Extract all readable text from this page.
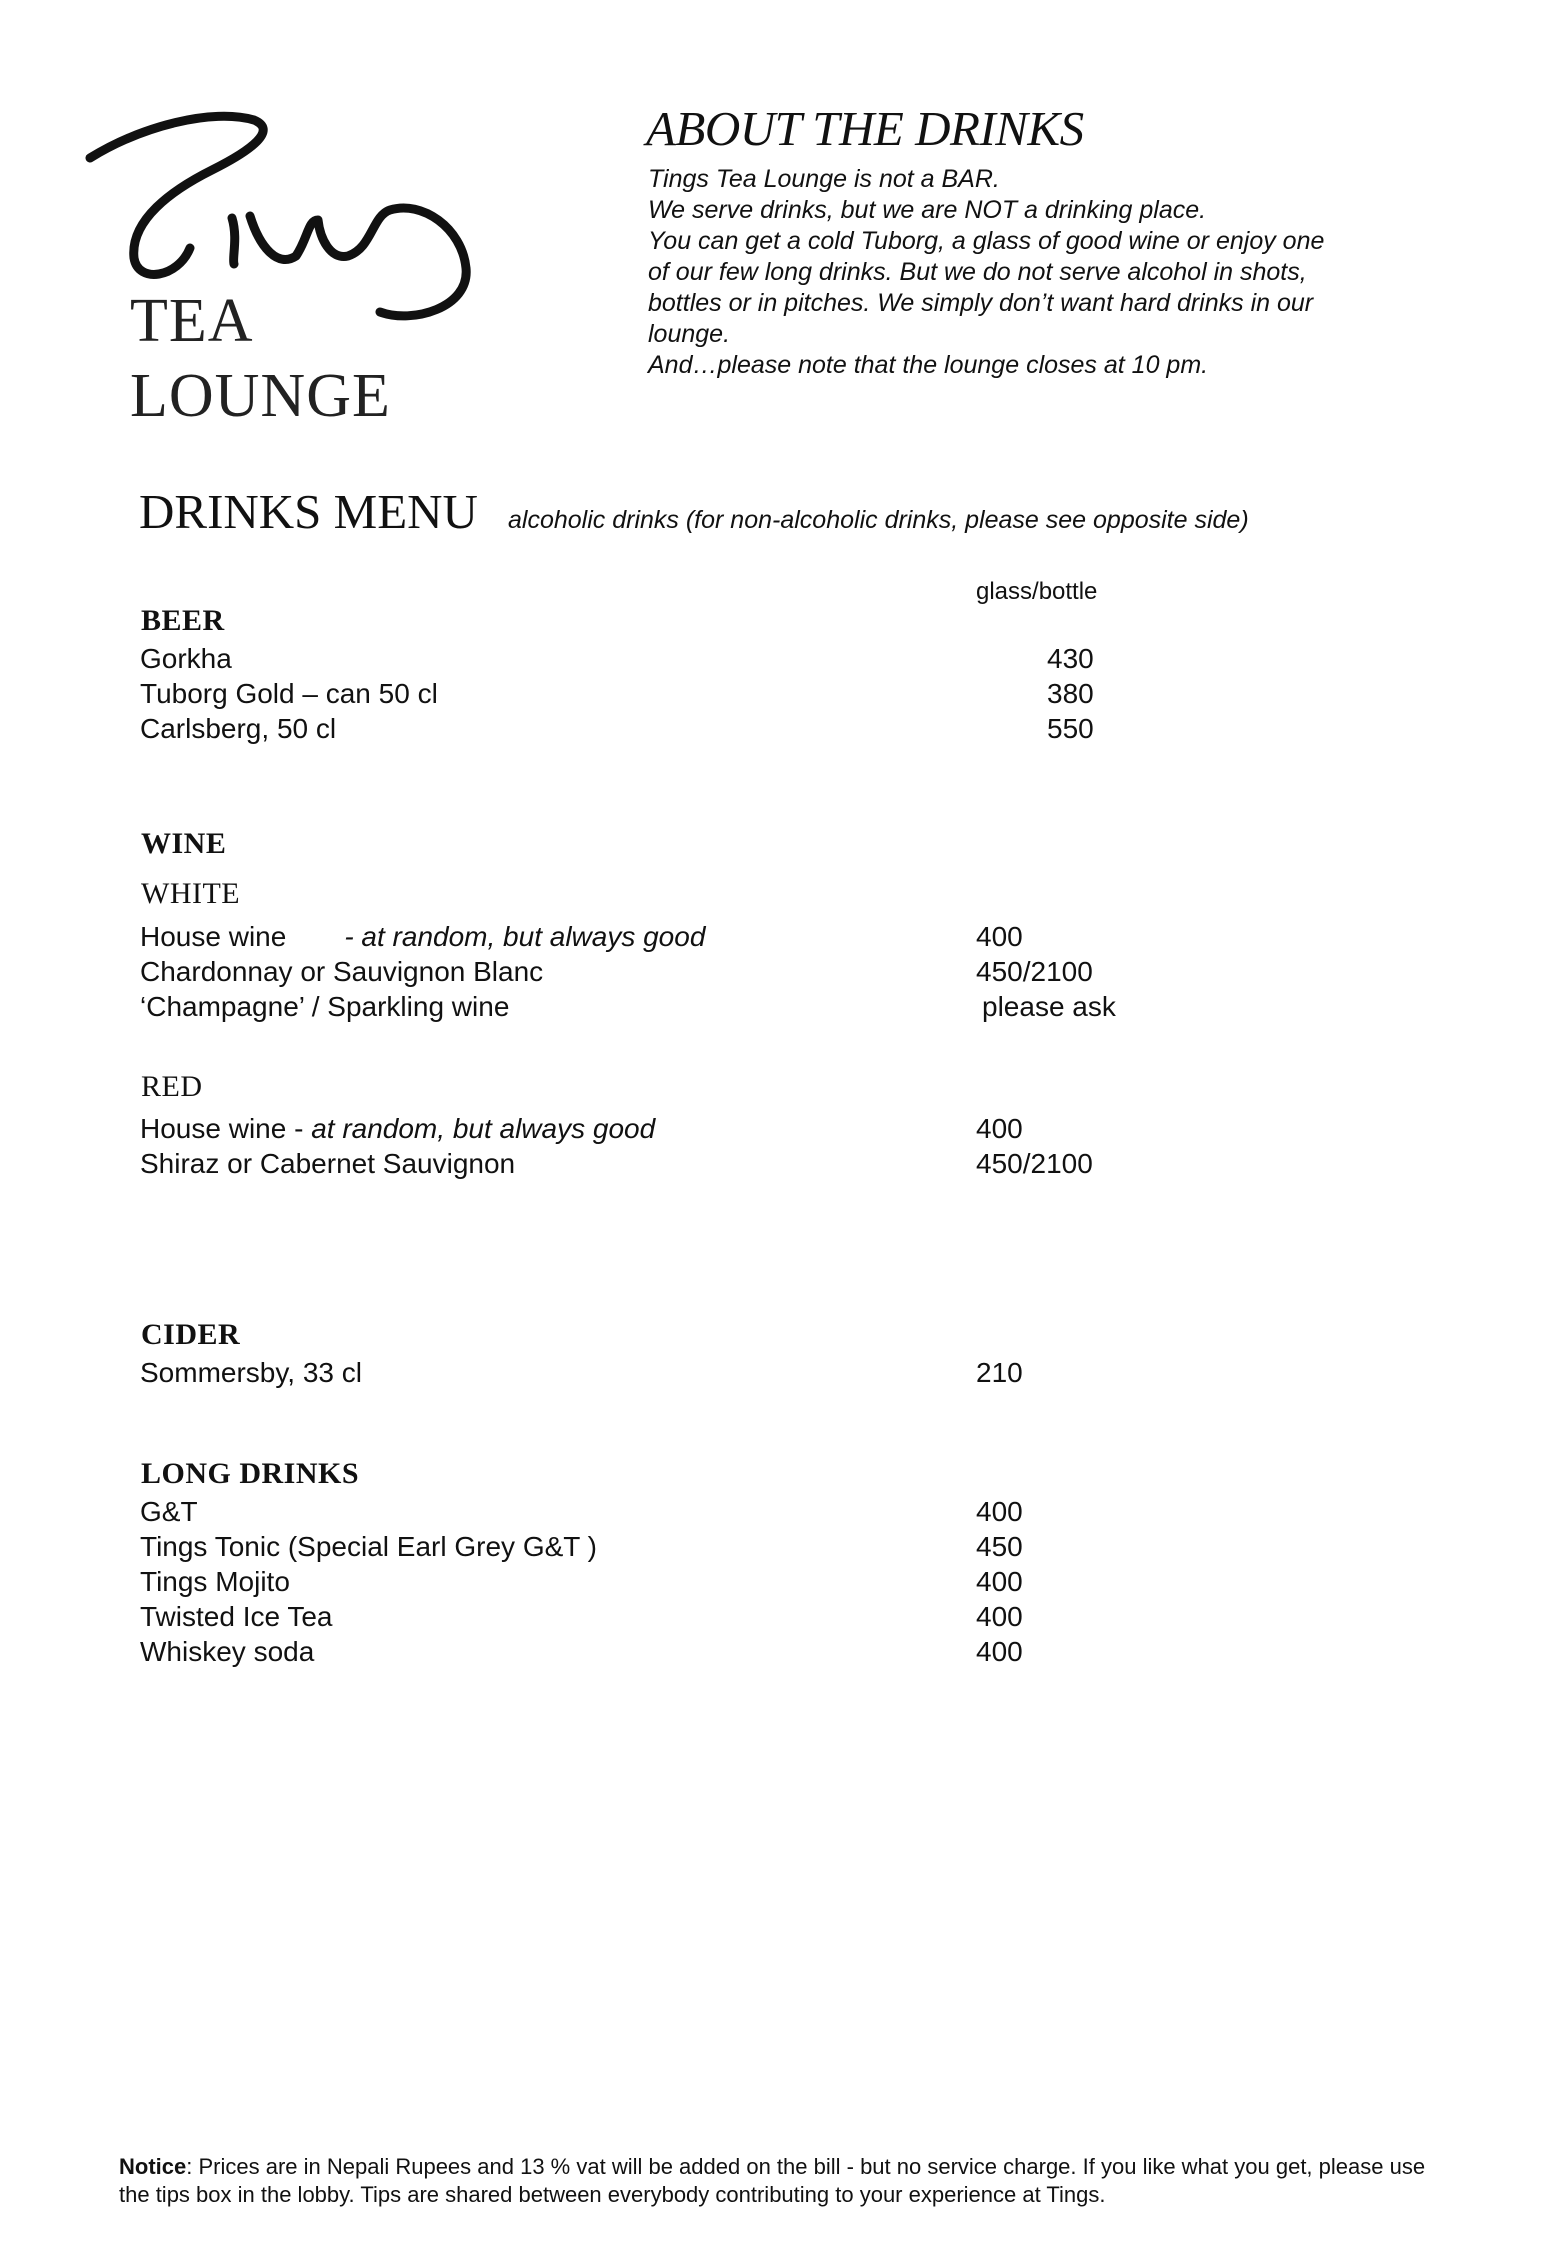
TEA
LOUNGE
ABOUT THE DRINKS
Tings Tea Lounge is not a BAR.
We serve drinks, but we are NOT a drinking place.
You can get a cold Tuborg, a glass of good wine or enjoy one
of our few long drinks. But we do not serve alcohol in shots,
bottles or in pitches. We simply don’t want hard drinks in our
lounge.
And…please note that the lounge closes at 10 pm.
DRINKS MENU alcoholic drinks (for non-alcoholic drinks, please see opposite side)
glass/bottle
BEER
Gorkha	430
Tuborg Gold – can 50 cl	380
Carlsberg, 50 cl	550
WINE
WHITE
House wine - at random, but always good	400
Chardonnay or Sauvignon Blanc	450/2100
‘Champagne’ / Sparkling wine	please ask
RED
House wine - at random, but always good	400
Shiraz or Cabernet Sauvignon	450/2100
CIDER
Sommersby, 33 cl	210
LONG DRINKS
G&T	400
Tings Tonic (Special Earl Grey G&T )	450
Tings Mojito	400
Twisted Ice Tea	400
Whiskey soda	400
Notice: Prices are in Nepali Rupees and 13 % vat will be added on the bill - but no service charge. If you like what you get, please use the tips box in the lobby. Tips are shared between everybody contributing to your experience at Tings.
